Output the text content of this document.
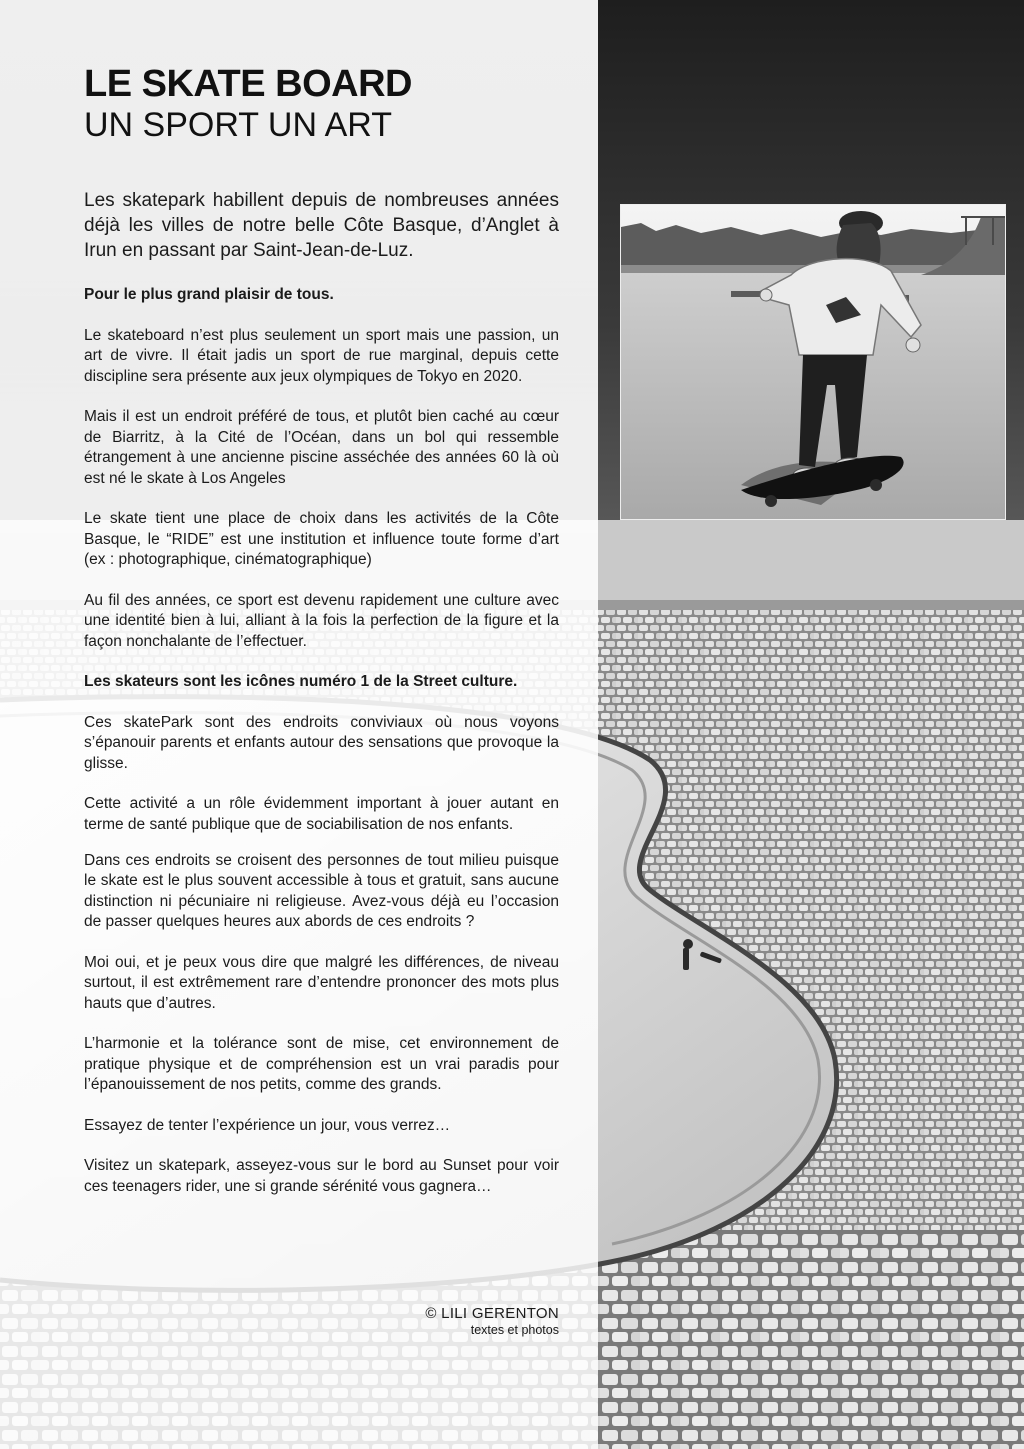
LE SKATE BOARD
UN SPORT UN ART

Les skatepark habillent depuis de nombreuses années déjà les villes de notre belle Côte Basque, d’Anglet à Irun en passant par Saint-Jean-de-Luz.

Pour le plus grand plaisir de tous.

Le skateboard n’est plus seulement un sport mais une passion, un art de vivre. Il était jadis un sport de rue marginal, depuis cette discipline sera présente aux jeux olympiques de Tokyo en 2020.

Mais il est un endroit préféré de tous, et plutôt bien caché au cœur de Biarritz, à la Cité de l’Océan, dans un bol qui ressemble étrangement à une ancienne piscine asséchée des années 60 là où est né le skate à Los Angeles

Le skate tient une place de choix dans les activités de la Côte Basque, le “RIDE” est une institution et influence toute forme d’art (ex : photographique, cinématographique)

Au fil des années, ce sport est devenu rapidement une culture avec une identité bien à lui, alliant à la fois la perfection de la figure et la façon nonchalante de l’effectuer.

Les skateurs sont les icônes numéro 1 de la Street culture.

Ces skatePark sont des endroits conviviaux où nous voyons s’épanouir parents et enfants autour des sensations que provoque la glisse.

Cette activité a un rôle évidemment important à jouer autant en terme de santé publique que de sociabilisation de nos enfants.

Dans ces endroits se croisent des personnes de tout milieu puisque le skate est le plus souvent accessible à tous et gratuit, sans aucune distinction ni pécuniaire ni religieuse. Avez-vous déjà eu l’occasion de passer quelques heures aux abords de ces endroits ?

Moi oui, et je peux vous dire que malgré les différences, de niveau surtout, il est extrêmement rare d’entendre prononcer des mots plus hauts que d’autres.

L’harmonie et la tolérance sont de mise, cet environnement de pratique physique et de compréhension est un vrai paradis pour l’épanouissement de nos petits, comme des grands.

Essayez de tenter l’expérience un jour, vous verrez…

Visitez un skatepark, asseyez-vous sur le bord au Sunset pour voir ces teenagers rider, une si grande sérénité vous gagnera…

© LILI GERENTON
textes et photos
